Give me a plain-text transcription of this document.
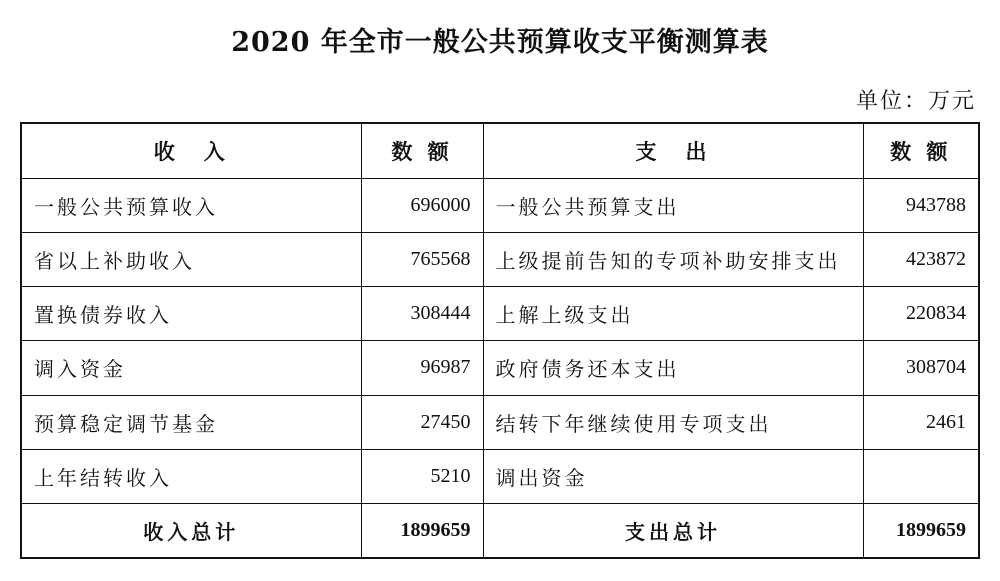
2020 年全市一般公共预算收支平衡测算表
单位：万元
收　入	数 额	支　出	数 额
一般公共预算收入	696000	一般公共预算支出	943788
省以上补助收入	765568	上级提前告知的专项补助安排支出	423872
置换债券收入	308444	上解上级支出	220834
调入资金	96987	政府债务还本支出	308704
预算稳定调节基金	27450	结转下年继续使用专项支出	2461
上年结转收入	5210	调出资金	
收入总计	1899659	支出总计	1899659
